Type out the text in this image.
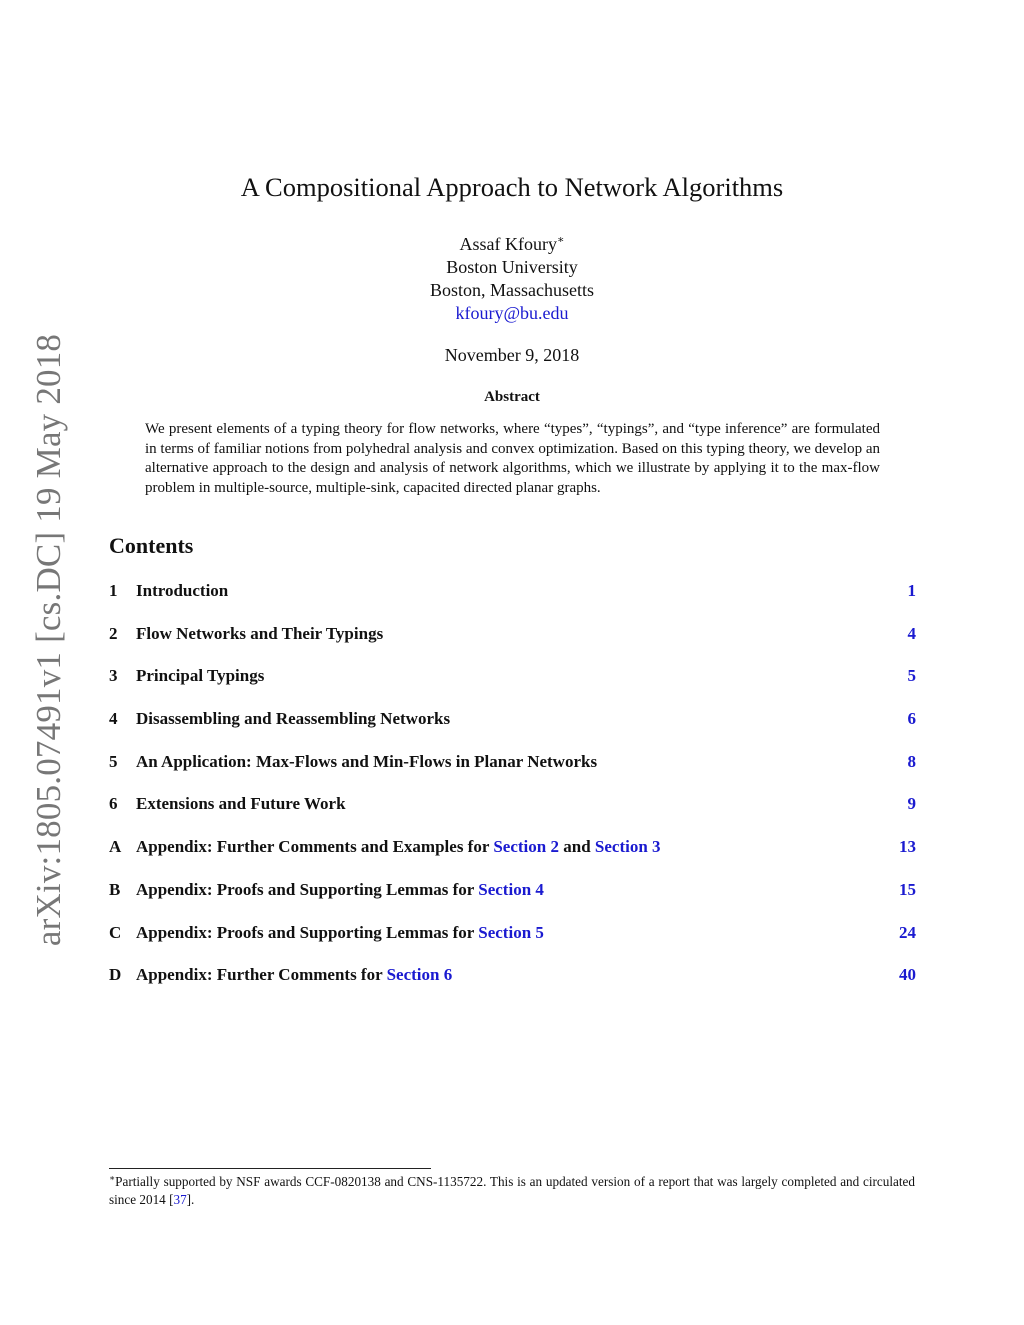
arXiv:1805.07491v1 [cs.DC] 19 May 2018
A Compositional Approach to Network Algorithms
Assaf Kfoury∗
Boston University
Boston, Massachusetts
kfoury@bu.edu
November 9, 2018
Abstract
We present elements of a typing theory for flow networks, where “types”, “typings”, and “type inference” are formulated in terms of familiar notions from polyhedral analysis and convex optimization. Based on this typing theory, we develop an alternative approach to the design and analysis of network algorithms, which we illustrate by applying it to the max-flow problem in multiple-source, multiple-sink, capacited directed planar graphs.
Contents
1 Introduction	1
2 Flow Networks and Their Typings	4
3 Principal Typings	5
4 Disassembling and Reassembling Networks	6
5 An Application: Max-Flows and Min-Flows in Planar Networks	8
6 Extensions and Future Work	9
A Appendix: Further Comments and Examples for Section 2 and Section 3	13
B Appendix: Proofs and Supporting Lemmas for Section 4	15
C Appendix: Proofs and Supporting Lemmas for Section 5	24
D Appendix: Further Comments for Section 6	40
∗Partially supported by NSF awards CCF-0820138 and CNS-1135722. This is an updated version of a report that was largely completed and circulated since 2014 [37].
